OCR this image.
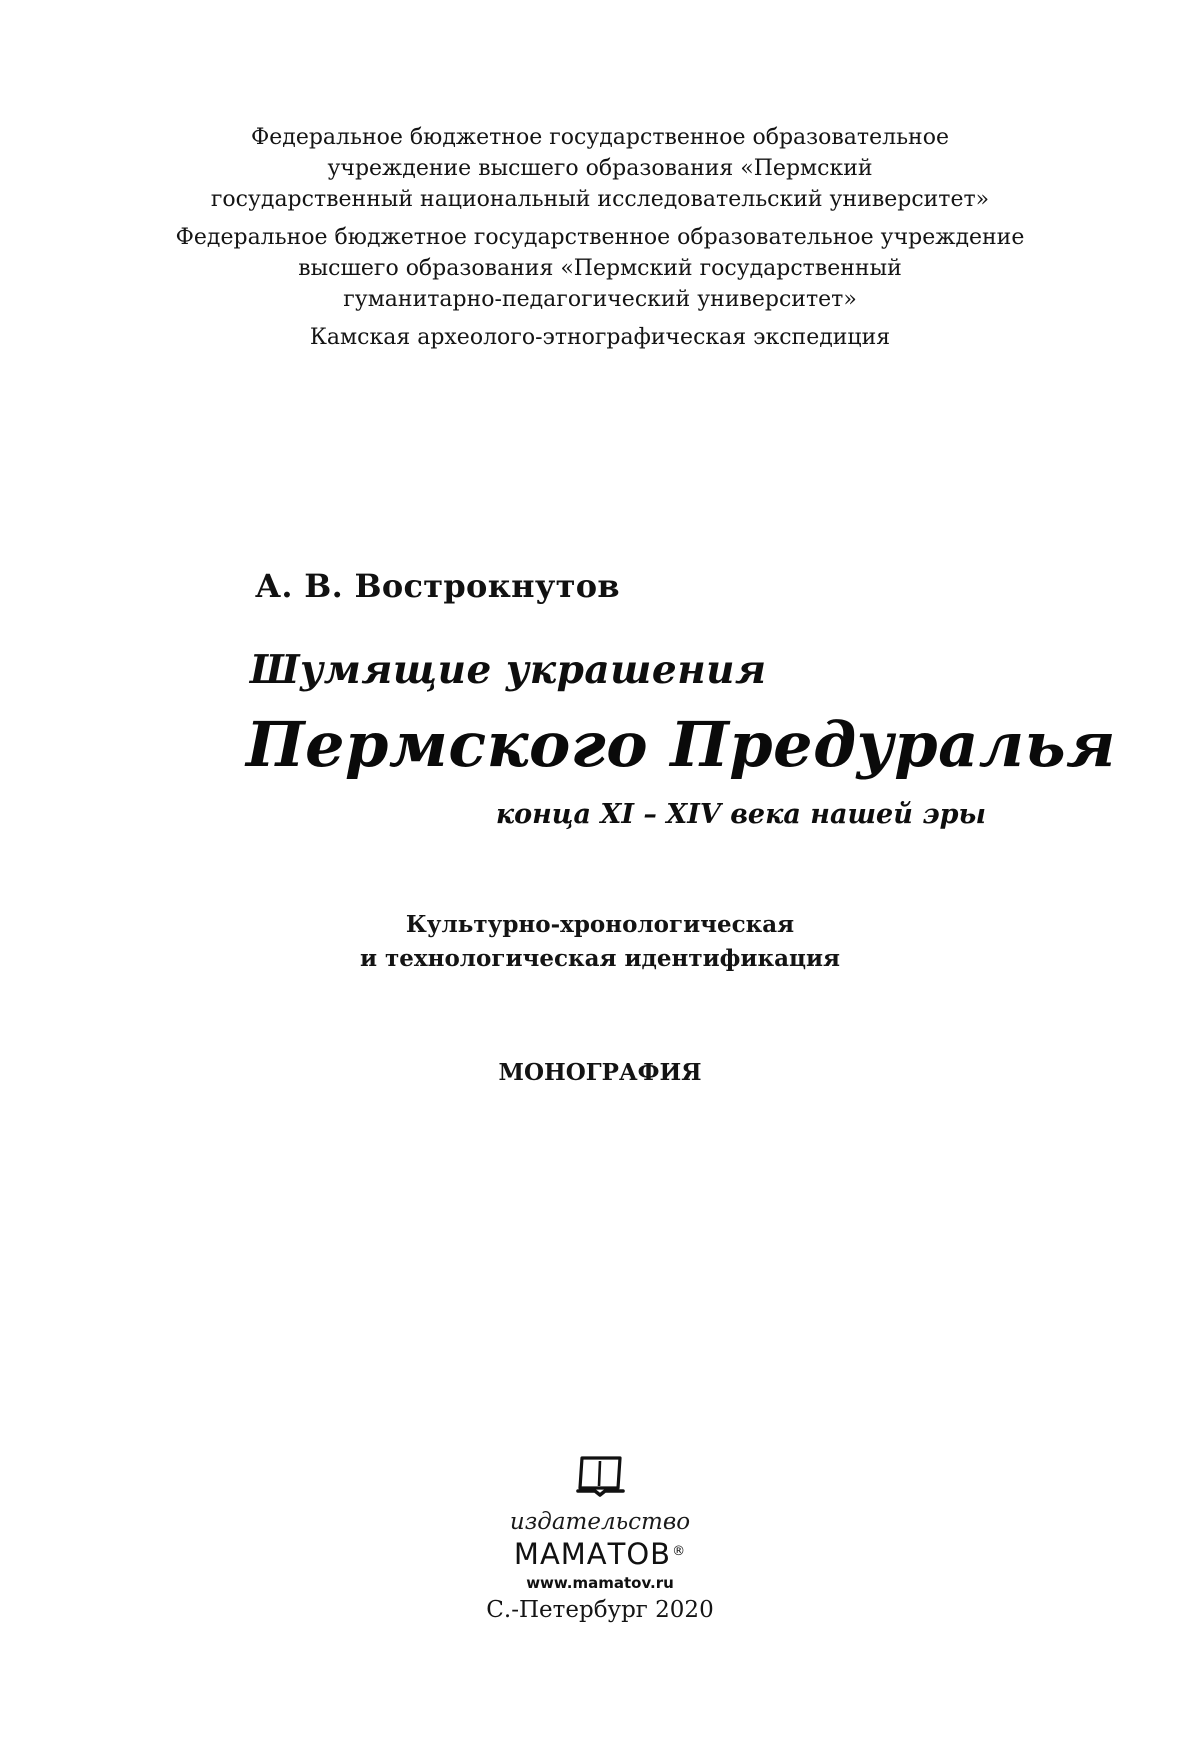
Федеральное бюджетное государственное образовательное
учреждение высшего образования «Пермский
государственный национальный исследовательский университет»
Федеральное бюджетное государственное образовательное учреждение
высшего образования «Пермский государственный
гуманитарно-педагогический университет»
Камская археолого-этнографическая экспедиция
А. В. Вострокнутов
Шумящие украшения
Пермского Предуралья
конца XI – XIV века нашей эры
Культурно-хронологическая
и технологическая идентификация
МОНОГРАФИЯ
издательство
МАМАТОВ®
www.mamatov.ru
С.-Петербург 2020
